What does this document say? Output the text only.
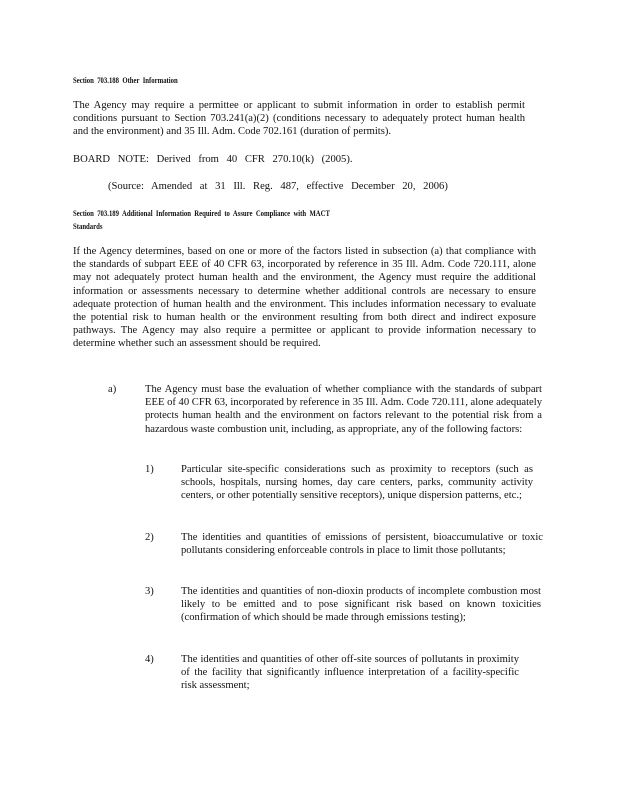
Section 703.188 Other Information

The Agency may require a permittee or applicant to submit information in order to establish permit conditions pursuant to Section 703.241(a)(2) (conditions necessary to adequately protect human health and the environment) and 35 Ill. Adm. Code 702.161 (duration of permits).

BOARD NOTE: Derived from 40 CFR 270.10(k) (2005).

(Source: Amended at 31 Ill. Reg. 487, effective December 20, 2006)

Section 703.189 Additional Information Required to Assure Compliance with MACT

Standards

If the Agency determines, based on one or more of the factors listed in subsection (a) that compliance with the standards of subpart EEE of 40 CFR 63, incorporated by reference in 35 Ill. Adm. Code 720.111, alone may not adequately protect human health and the environment, the Agency must require the additional information or assessments necessary to determine whether additional controls are necessary to ensure adequate protection of human health and the environment. This includes information necessary to evaluate the potential risk to human health or the environment resulting from both direct and indirect exposure pathways. The Agency may also require a permittee or applicant to provide information necessary to determine whether such an assessment should be required.

a)	The Agency must base the evaluation of whether compliance with the standards of subpart EEE of 40 CFR 63, incorporated by reference in 35 Ill. Adm. Code 720.111, alone adequately protects human health and the environment on factors relevant to the potential risk from a hazardous waste combustion unit, including, as appropriate, any of the following factors:

1)	Particular site-specific considerations such as proximity to receptors (such as schools, hospitals, nursing homes, day care centers, parks, community activity centers, or other potentially sensitive receptors), unique dispersion patterns, etc.;

2)	The identities and quantities of emissions of persistent, bioaccumulative or toxic pollutants considering enforceable controls in place to limit those pollutants;

3)	The identities and quantities of non-dioxin products of incomplete combustion most likely to be emitted and to pose significant risk based on known toxicities (confirmation of which should be made through emissions testing);

4)	The identities and quantities of other off-site sources of pollutants in proximity of the facility that significantly influence interpretation of a facility-specific risk assessment;
